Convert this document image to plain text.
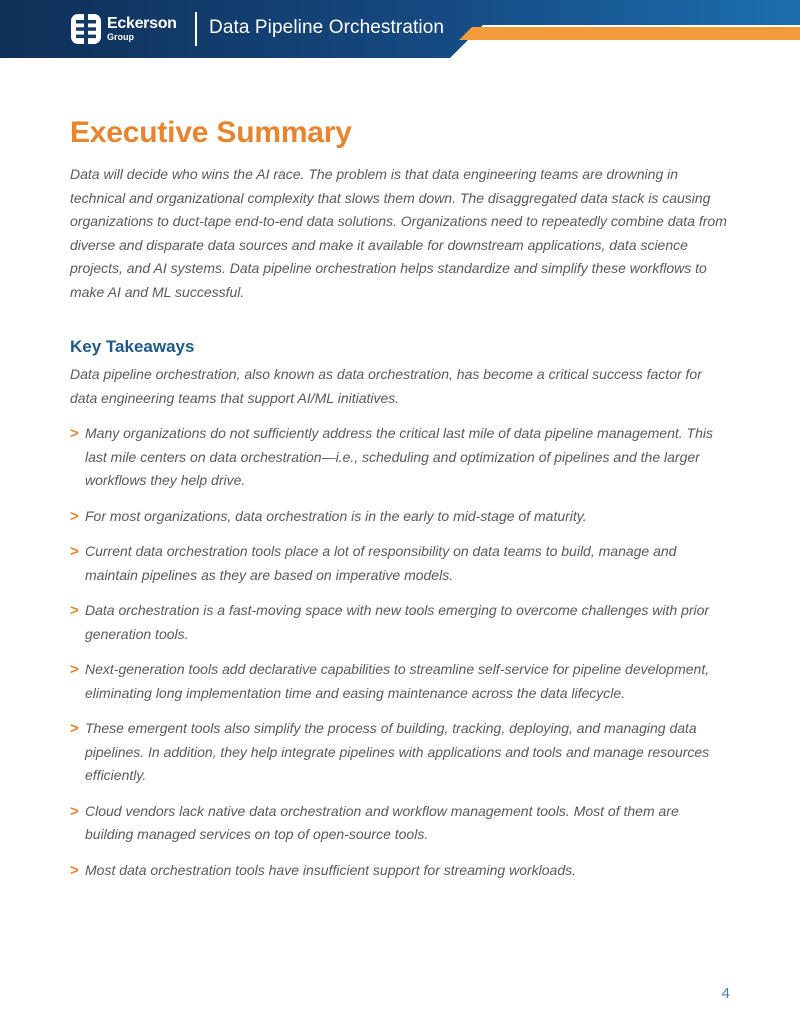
Eckerson
Group	Data Pipeline Orchestration
Executive Summary

Data will decide who wins the AI race. The problem is that data engineering teams are drowning in technical and organizational complexity that slows them down. The disaggregated data stack is causing organizations to duct-tape end-to-end data solutions. Organizations need to repeatedly combine data from diverse and disparate data sources and make it available for downstream applications, data science projects, and AI systems. Data pipeline orchestration helps standardize and simplify these workflows to make AI and ML successful.

Key Takeaways

Data pipeline orchestration, also known as data orchestration, has become a critical success factor for data engineering teams that support AI/ML initiatives.

> Many organizations do not sufficiently address the critical last mile of data pipeline management. This last mile centers on data orchestration—i.e., scheduling and optimization of pipelines and the larger workflows they help drive.
> For most organizations, data orchestration is in the early to mid-stage of maturity.
> Current data orchestration tools place a lot of responsibility on data teams to build, manage and maintain pipelines as they are based on imperative models.
> Data orchestration is a fast-moving space with new tools emerging to overcome challenges with prior generation tools.
> Next-generation tools add declarative capabilities to streamline self-service for pipeline development, eliminating long implementation time and easing maintenance across the data lifecycle.
> These emergent tools also simplify the process of building, tracking, deploying, and managing data pipelines. In addition, they help integrate pipelines with applications and tools and manage resources efficiently.
> Cloud vendors lack native data orchestration and workflow management tools. Most of them are building managed services on top of open-source tools.
> Most data orchestration tools have insufficient support for streaming workloads.
4
